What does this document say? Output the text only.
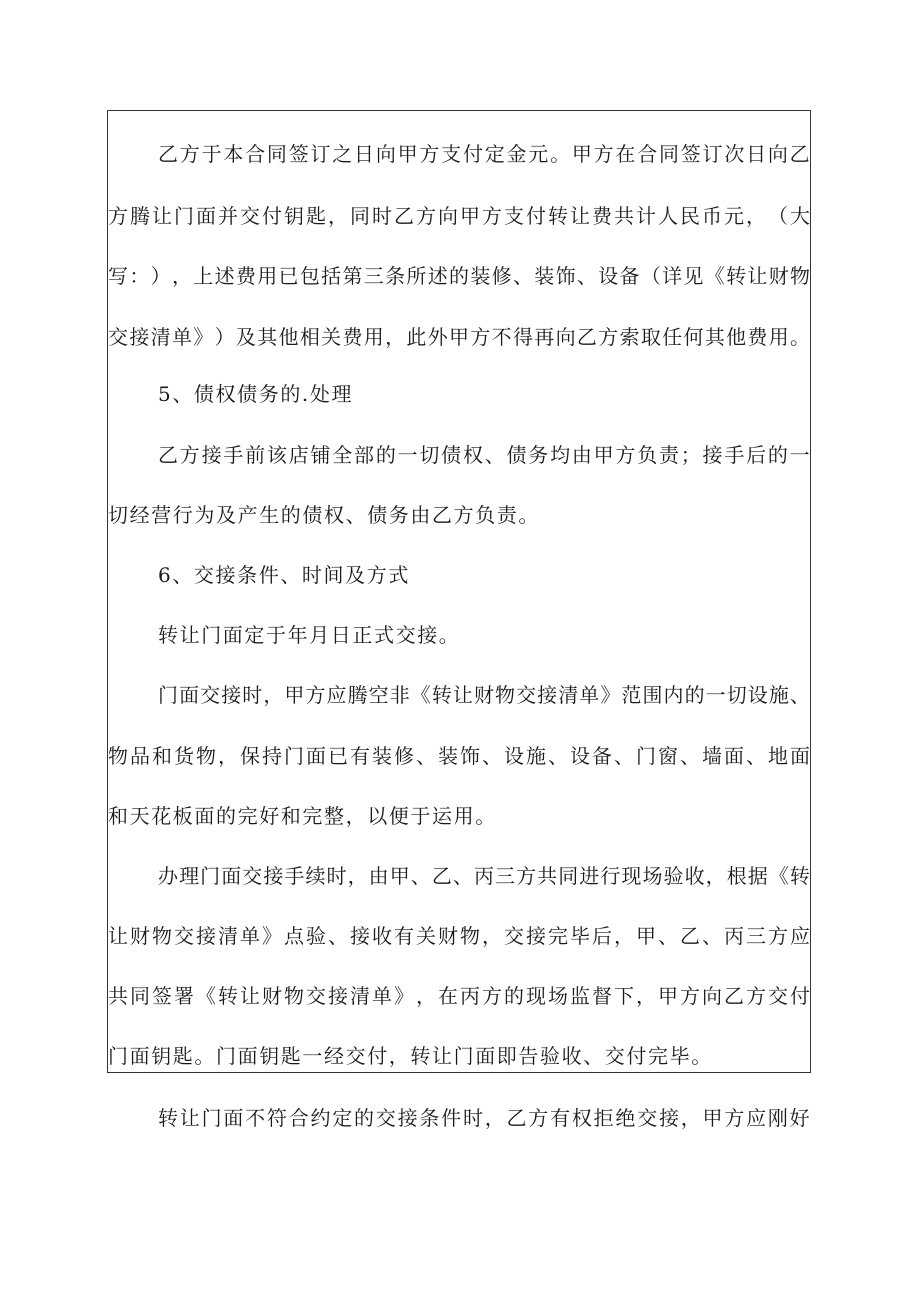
乙 方 于 本 合 同 签 订 之 日 向 甲 方 支 付 定 金 元 。 甲 方 在 合 同 签 订 次 日 向 乙
方 腾 让 门 面 并 交 付 钥 匙 ， 同 时 乙 方 向 甲 方 支 付 转 让 费 共 计 人 民 币 元 ， （ 大
写 ： ） ， 上 述 费 用 已 包 括 第 三 条 所 述 的 装 修 、 装 饰 、 设 备 （ 详 见 《 转 让 财 物
交 接 清 单 》 ） 及 其 他 相 关 费 用 ， 此 外 甲 方 不 得 再 向 乙 方 索 取 任 何 其 他 费 用 。
5、债权债务的.处理
乙 方 接 手 前 该 店 铺 全 部 的 一 切 债 权 、 债 务 均 由 甲 方 负 责 ； 接 手 后 的 一
切经营行为及产生的债权、债务由乙方负责。
6、交接条件、时间及方式
转让门面定于年月日正式交接。
门 面 交 接 时 ， 甲 方 应 腾 空 非 《 转 让 财 物 交 接 清 单 》 范 围 内 的 一 切 设 施 、
物 品 和 货 物 ， 保 持 门 面 已 有 装 修 、 装 饰 、 设 施 、 设 备 、 门 窗 、 墙 面 、 地 面
和天花板面的完好和完整，以便于运用。
办 理 门 面 交 接 手 续 时 ， 由 甲 、 乙 、 丙 三 方 共 同 进 行 现 场 验 收 ， 根 据 《 转
让 财 物 交 接 清 单 》 点 验 、 接 收 有 关 财 物 ， 交 接 完 毕 后 ， 甲 、 乙 、 丙 三 方 应
共 同 签 署 《 转 让 财 物 交 接 清 单 》 ， 在 丙 方 的 现 场 监 督 下 ， 甲 方 向 乙 方 交 付
门面钥匙。门面钥匙一经交付，转让门面即告验收、交付完毕。
转 让 门 面 不 符 合 约 定 的 交 接 条 件 时 ， 乙 方 有 权 拒 绝 交 接 ， 甲 方 应 刚 好
